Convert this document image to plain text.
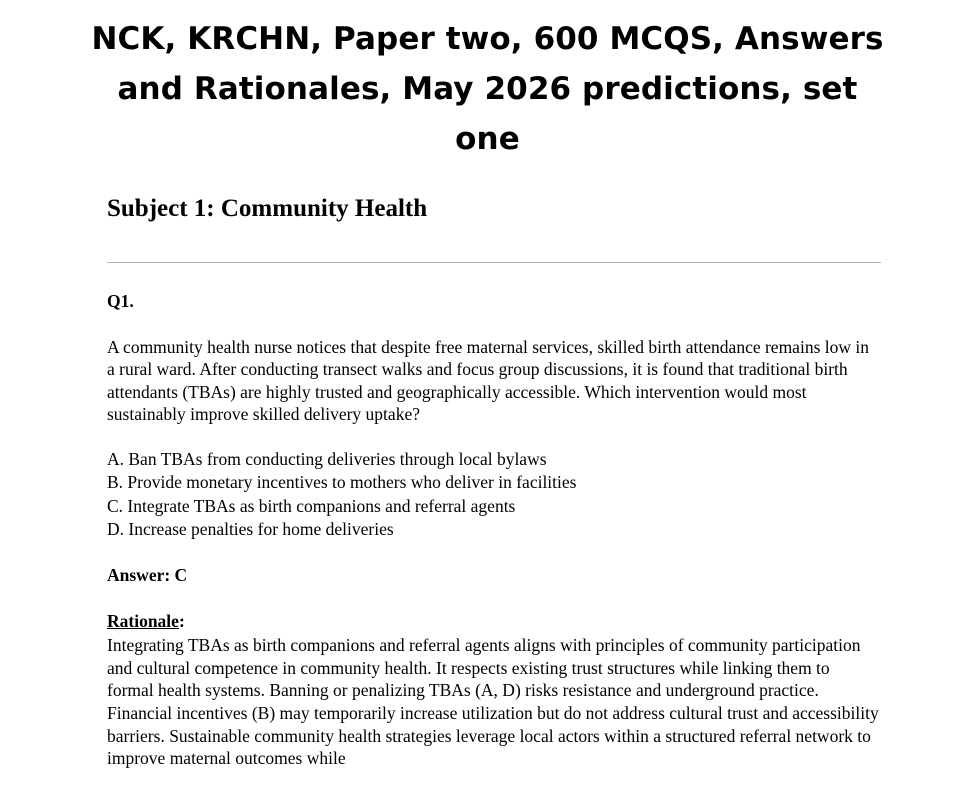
NCK, KRCHN, Paper two, 600 MCQS, Answers and Rationales, May 2026 predictions, set one
Subject 1: Community Health
Q1.
A community health nurse notices that despite free maternal services, skilled birth attendance remains low in a rural ward. After conducting transect walks and focus group discussions, it is found that traditional birth attendants (TBAs) are highly trusted and geographically accessible. Which intervention would most sustainably improve skilled delivery uptake?
A. Ban TBAs from conducting deliveries through local bylaws
B. Provide monetary incentives to mothers who deliver in facilities
C. Integrate TBAs as birth companions and referral agents
D. Increase penalties for home deliveries
Answer: C
Rationale:
Integrating TBAs as birth companions and referral agents aligns with principles of community participation and cultural competence in community health. It respects existing trust structures while linking them to formal health systems. Banning or penalizing TBAs (A, D) risks resistance and underground practice. Financial incentives (B) may temporarily increase utilization but do not address cultural trust and accessibility barriers. Sustainable community health strategies leverage local actors within a structured referral network to improve maternal outcomes while
